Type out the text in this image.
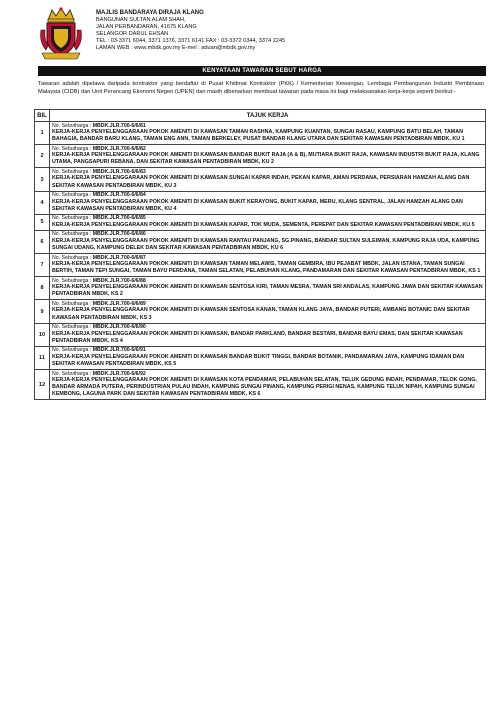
MAJLIS BANDARAYA DIRAJA KLANG
BANGUNAN SULTAN ALAM SHAH,
JALAN PERBANDARAN, 41675 KLANG
SELANGOR DARUL EHSAN
TEL : 03-3371 6044, 3371 1376, 3371 6141 FAX : 03-3372 0344, 3374 2245
LAMAN WEB : www.mbdk.gov.my E-mel : aduan@mbdk.gov.my
KENYATAAN TAWARAN SEBUT HARGA
Tawaran adalah dipelawa daripada kontraktor yang berdaftar di Pusat Khidmat Kontraktor (PKK) / Kementerian Kewangan, Lembaga Pembangunan Industri Pembinaan Malaysia (CIDB) dan Unit Perancang Ekonomi Negeri (UPEN) dan masih dibenarkan membuat tawaran pada masa ini bagi melaksanakan kerja-kerja seperti berikut:-
BIL	TAJUK KERJA
1	No. Sebutharga : MBDK.JLR.700-6/6/81
KERJA-KERJA PENYELENGGARAAN POKOK AMENITI DI KAWASAN TAMAN RASHNA, KAMPUNG KUANTAN, SUNGAI RASAU, KAMPUNG BATU BELAH, TAMAN BAHAGIA, BANDAR BARU KLANG, TAMAN ENG ANN, TAMAN BERKELEY, PUSAT BANDAR KLANG UTARA DAN SEKITAR KAWASAN PENTADBIRAN MBDK, KU 1

2	No. Sebutharga : MBDK.JLR.700-6/6/82
KERJA-KERJA PENYELENGGARAAN POKOK AMENITI DI KAWASAN BANDAR BUKIT RAJA (A & B), MUTIARA BUKIT RAJA, KAWASAN INDUSTRI BUKIT RAJA, KLANG UTAMA, PANGSAPURI REBANA, DAN SEKITAR KAWASAN PENTADBIRAN MBDK, KU 2

3	No. Sebutharga : MBDK.JLR.700-6/6/83
KERJA-KERJA PENYELENGGARAAN POKOK AMENITI DI KAWASAN SUNGAI KAPAR INDAH, PEKAN KAPAR, AMAN PERDANA, PERSIARAN HAMZAH ALANG DAN SEKITAR KAWASAN PENTADBIRAN MBDK, KU 3

4	No. Sebutharga : MBDK.JLR.700-6/6/84
KERJA-KERJA PENYELENGGARAAN POKOK AMENITI DI KAWASAN BUKIT KERAYONG, BUKIT KAPAR, MERU, KLANG SENTRAL, JALAN HAMZAH ALANG DAN SEKITAR KAWASAN PENTADBIRAN MBDK, KU 4

5	No. Sebutharga : MBDK.JLR.700-6/6/85
KERJA-KERJA PENYELENGGARAAN POKOK AMENITI DI KAWASAN KAPAR, TOK MUDA, SEMENTA, PEREPAT DAN SEKITAR KAWASAN PENTADBIRAN MBDK, KU 5

6	No. Sebutharga : MBDK.JLR.700-6/6/86
KERJA-KERJA PENYELENGGARAAN POKOK AMENITI DI KAWASAN RANTAU PANJANG, SG.PINANG, BANDAR SULTAN SULEIMAN, KAMPUNG RAJA UDA, KAMPUNG SUNGAI UDANG, KAMPUNG DELEK DAN SEKITAR KAWASAN PENTADBIRAN MBDK, KU 6

7	No. Sebutharga : MBDK.JLR.700-6/6/87
KERJA-KERJA PENYELENGGARAAN POKOK AMENITI DI KAWASAN TAMAN MELAWIS, TAMAN GEMBIRA, IBU PEJABAT MBDK, JALAN ISTANA, TAMAN SUNGAI BERTIH, TAMAN TEPI SUNGAI, TAMAN BAYU PERDANA, TAMAN SELATAN, PELABUHAN KLANG, PANDAMARAN DAN SEKITAR KAWASAN PENTADBIRAN MBDK, KS 1

8	No. Sebutharga : MBDK.JLR.700-6/6/88
KERJA-KERJA PENYELENGGARAAN POKOK AMENITI DI KAWASAN SENTOSA KIRI, TAMAN MESRA, TAMAN SRI ANDALAS, KAMPUNG JAWA DAN SEKITAR KAWASAN PENTADBIRAN MBDK, KS 2

9	No. Sebutharga : MBDK.JLR.700-6/6/89
KERJA-KERJA PENYELENGGARAAN POKOK AMENITI DI KAWASAN SENTOSA KANAN, TAMAN KLANG JAYA, BANDAR PUTERI, AMBANG BOTANIC DAN SEKITAR KAWASAN PENTADBIRAN MBDK, KS 3

10	No. Sebutharga : MBDK.JLR.700-6/6/90
KERJA-KERJA PENYELENGGARAAN POKOK AMENITI DI KAWASAN, BANDAR PARKLAND, BANDAR BESTARI, BANDAR BAYU EMAS, DAN SEKITAR KAWASAN PENTADBIRAN MBDK, KS 4

11	No. Sebutharga : MBDK.JLR.700-6/6/91
KERJA-KERJA PENYELENGGARAAN POKOK AMENITI DI KAWASAN BANDAR BUKIT TINGGI, BANDAR BOTANIK, PANDAMARAN JAYA, KAMPUNG IDAMAN DAN SEKITAR KAWASAN PENTADBIRAN MBDK, KS 5

12	No. Sebutharga : MBDK.JLR.700-6/6/92
KERJA-KERJA PENYELENGGARAAN POKOK AMENITI DI KAWASAN KOTA PENDAMAR, PELABUHAN SELATAN, TELUK GEDUNG INDAH, PENDAMAR, TELOK GONG, BANDAR ARMADA PUTERA, PERINDUSTRIAN PULAU INDAH, KAMPUNG SUNGAI PINANG, KAMPUNG PERIGI NENAS, KAMPUNG TELUK NIPAH, KAMPUNG SUNGAI KEMBONG, LAGUNA PARK DAN SEKITAR KAWASAN PENTADBIRAN MBDK, KS 6
